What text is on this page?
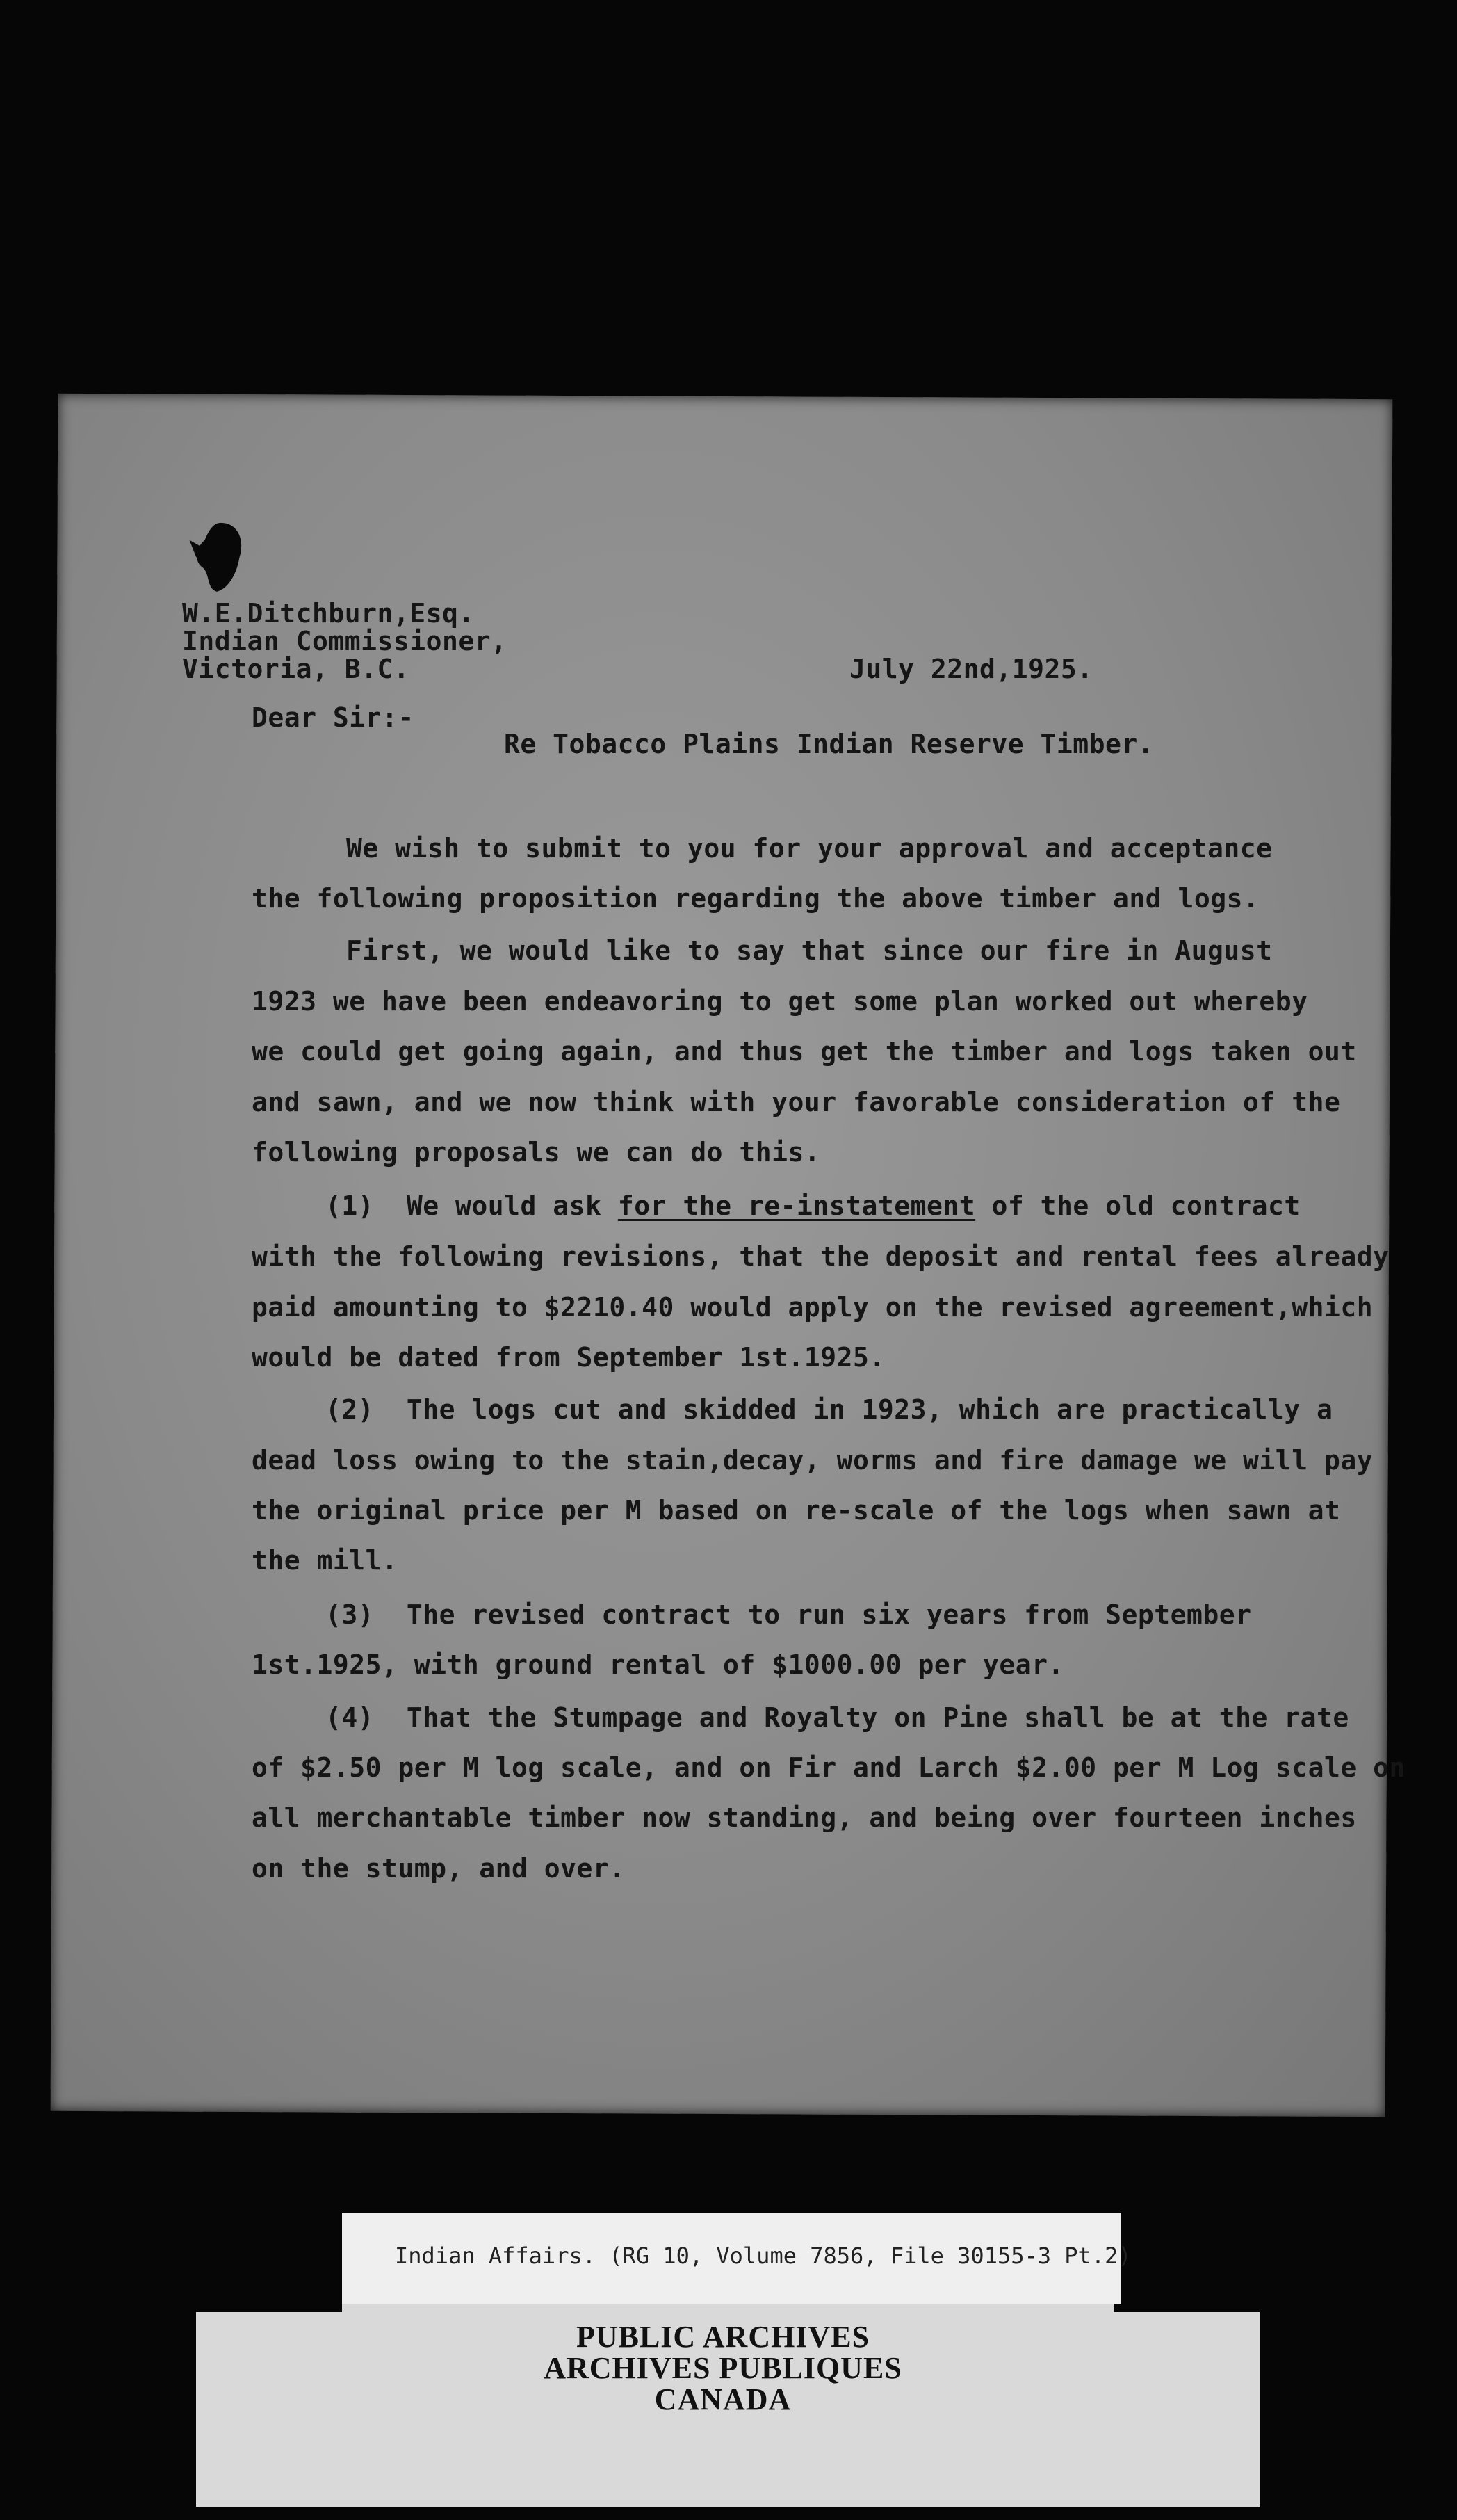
W.E.Ditchburn,Esq.
Indian Commissioner,
Victoria, B.C.	July 22nd,1925.
Dear Sir:-
Re Tobacco Plains Indian Reserve Timber.
We wish to submit to you for your approval and acceptance
the following proposition regarding the above timber and logs.
First, we would like to say that since our fire in August
1923 we have been endeavoring to get some plan worked out whereby
we could get going again, and thus get the timber and logs taken out
and sawn, and we now think with your favorable consideration of the
following proposals we can do this.
(1)  We would ask for the re-instatement of the old contract
with the following revisions, that the deposit and rental fees already
paid amounting to $2210.40 would apply on the revised agreement,which
would be dated from September 1st.1925.
(2)  The logs cut and skidded in 1923, which are practically a
dead loss owing to the stain,decay, worms and fire damage we will pay
the original price per M based on re-scale of the logs when sawn at
the mill.
(3)  The revised contract to run six years from September
1st.1925, with ground rental of $1000.00 per year.
(4)  That the Stumpage and Royalty on Pine shall be at the rate
of $2.50 per M log scale, and on Fir and Larch $2.00 per M Log scale on
all merchantable timber now standing, and being over fourteen inches
on the stump, and over.
Indian Affairs. (RG 10, Volume 7856, File 30155-3 Pt.2)
PUBLIC ARCHIVES
ARCHIVES PUBLIQUES
CANADA
